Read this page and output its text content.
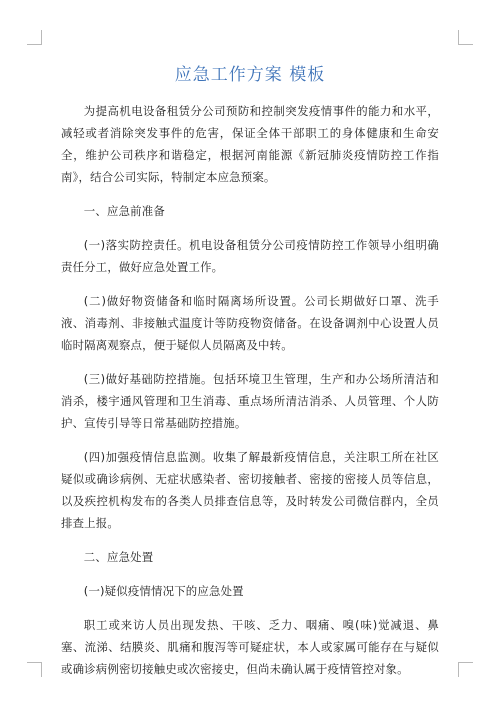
应急工作方案 模板

为提高机电设备租赁分公司预防和控制突发疫情事件的能力和水平，减轻或者消除突发事件的危害，保证全体干部职工的身体健康和生命安全，维护公司秩序和谐稳定，根据河南能源《新冠肺炎疫情防控工作指南》，结合公司实际，特制定本应急预案。

一、应急前准备

(一)落实防控责任。机电设备租赁分公司疫情防控工作领导小组明确责任分工，做好应急处置工作。

(二)做好物资储备和临时隔离场所设置。公司长期做好口罩、洗手液、消毒剂、非接触式温度计等防疫物资储备。在设备调剂中心设置人员临时隔离观察点，便于疑似人员隔离及中转。

(三)做好基础防控措施。包括环境卫生管理，生产和办公场所清洁和消杀，楼宇通风管理和卫生消毒、重点场所清洁消杀、人员管理、个人防护、宣传引导等日常基础防控措施。

(四)加强疫情信息监测。收集了解最新疫情信息，关注职工所在社区疑似或确诊病例、无症状感染者、密切接触者、密接的密接人员等信息，以及疾控机构发布的各类人员排查信息等，及时转发公司微信群内，全员排查上报。

二、应急处置

(一)疑似疫情情况下的应急处置

职工或来访人员出现发热、干咳、乏力、咽痛、嗅(味)觉减退、鼻塞、流涕、结膜炎、肌痛和腹泻等可疑症状，本人或家属可能存在与疑似或确诊病例密切接触史或次密接史，但尚未确认属于疫情管控对象。
